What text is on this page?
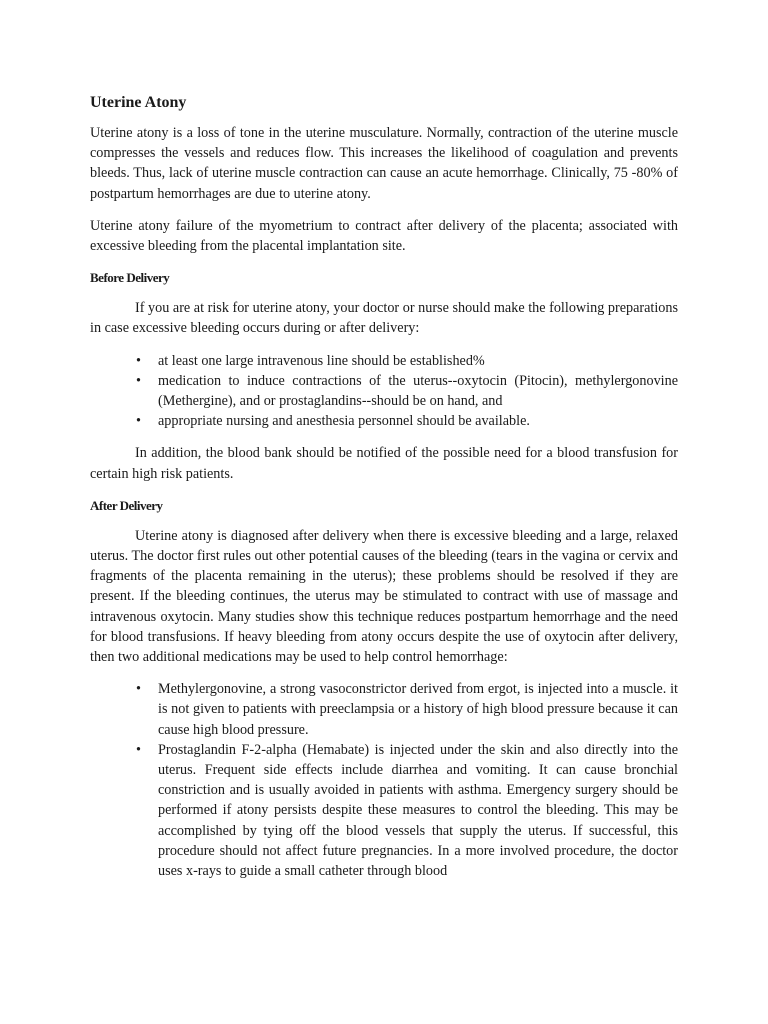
Uterine Atony

Uterine atony is a loss of tone in the uterine musculature. Normally, contraction of the uterine muscle compresses the vessels and reduces flow. This increases the likelihood of coagulation and prevents bleeds. Thus, lack of uterine muscle contraction can cause an acute hemorrhage. Clinically, 75 -80% of postpartum hemorrhages are due to uterine atony.

Uterine atony failure of the myometrium to contract after delivery of the placenta; associated with excessive bleeding from the placental implantation site.

Before Delivery

If you are at risk for uterine atony, your doctor or nurse should make the following preparations in case excessive bleeding occurs during or after delivery:

• at least one large intravenous line should be established%
• medication to induce contractions of the uterus--oxytocin (Pitocin), methylergonovine (Methergine), and or prostaglandins--should be on hand, and
• appropriate nursing and anesthesia personnel should be available.

In addition, the blood bank should be notified of the possible need for a blood transfusion for certain high risk patients.

After Delivery

Uterine atony is diagnosed after delivery when there is excessive bleeding and a large, relaxed uterus. The doctor first rules out other potential causes of the bleeding (tears in the vagina or cervix and fragments of the placenta remaining in the uterus); these problems should be resolved if they are present. If the bleeding continues, the uterus may be stimulated to contract with use of massage and intravenous oxytocin. Many studies show this technique reduces postpartum hemorrhage and the need for blood transfusions. If heavy bleeding from atony occurs despite the use of oxytocin after delivery, then two additional medications may be used to help control hemorrhage:

• Methylergonovine, a strong vasoconstrictor derived from ergot, is injected into a muscle. it is not given to patients with preeclampsia or a history of high blood pressure because it can cause high blood pressure.
• Prostaglandin F-2-alpha (Hemabate) is injected under the skin and also directly into the uterus. Frequent side effects include diarrhea and vomiting. It can cause bronchial constriction and is usually avoided in patients with asthma. Emergency surgery should be performed if atony persists despite these measures to control the bleeding. This may be accomplished by tying off the blood vessels that supply the uterus. If successful, this procedure should not affect future pregnancies. In a more involved procedure, the doctor uses x-rays to guide a small catheter through blood
